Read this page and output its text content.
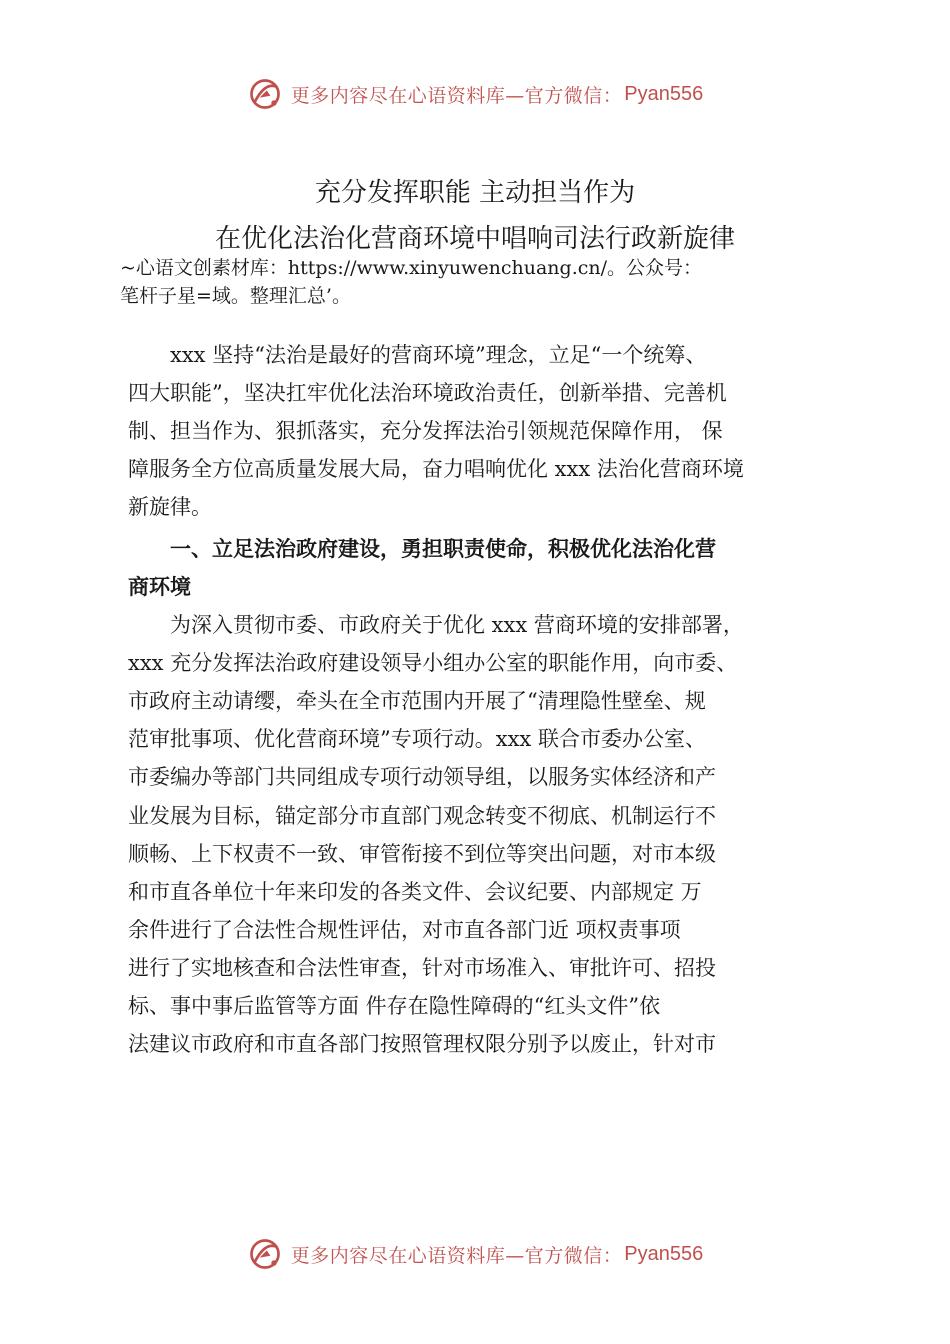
更多内容尽在心语资料库—官方微信： Pyan556
充分发挥职能 主动担当作为
在优化法治化营商环境中唱响司法行政新旋律
~心语文创素材库：https://www.xinyuwenchuang.cn/。公众号：
笔杆子星=域。整理汇总’。
　　xxx 坚持“法治是最好的营商环境”理念，立足“一个统筹、
四大职能”，坚决扛牢优化法治环境政治责任，创新举措、完善机
制、担当作为、狠抓落实，充分发挥法治引领规范保障作用， 保
障服务全方位高质量发展大局，奋力唱响优化 xxx 法治化营商环境
新旋律。
　　一、立足法治政府建设，勇担职责使命，积极优化法治化营
商环境
　　为深入贯彻市委、市政府关于优化 xxx 营商环境的安排部署，
xxx 充分发挥法治政府建设领导小组办公室的职能作用，向市委、
市政府主动请缨，牵头在全市范围内开展了“清理隐性壁垒、规
范审批事项、优化营商环境”专项行动。xxx 联合市委办公室、
市委编办等部门共同组成专项行动领导组，以服务实体经济和产
业发展为目标，锚定部分市直部门观念转变不彻底、机制运行不
顺畅、上下权责不一致、审管衔接不到位等突出问题，对市本级
和市直各单位十年来印发的各类文件、会议纪要、内部规定 万
余件进行了合法性合规性评估，对市直各部门近 项权责事项
进行了实地核查和合法性审查，针对市场准入、审批许可、招投
标、事中事后监管等方面 件存在隐性障碍的“红头文件”依
法建议市政府和市直各部门按照管理权限分别予以废止，针对市
更多内容尽在心语资料库—官方微信： Pyan556
